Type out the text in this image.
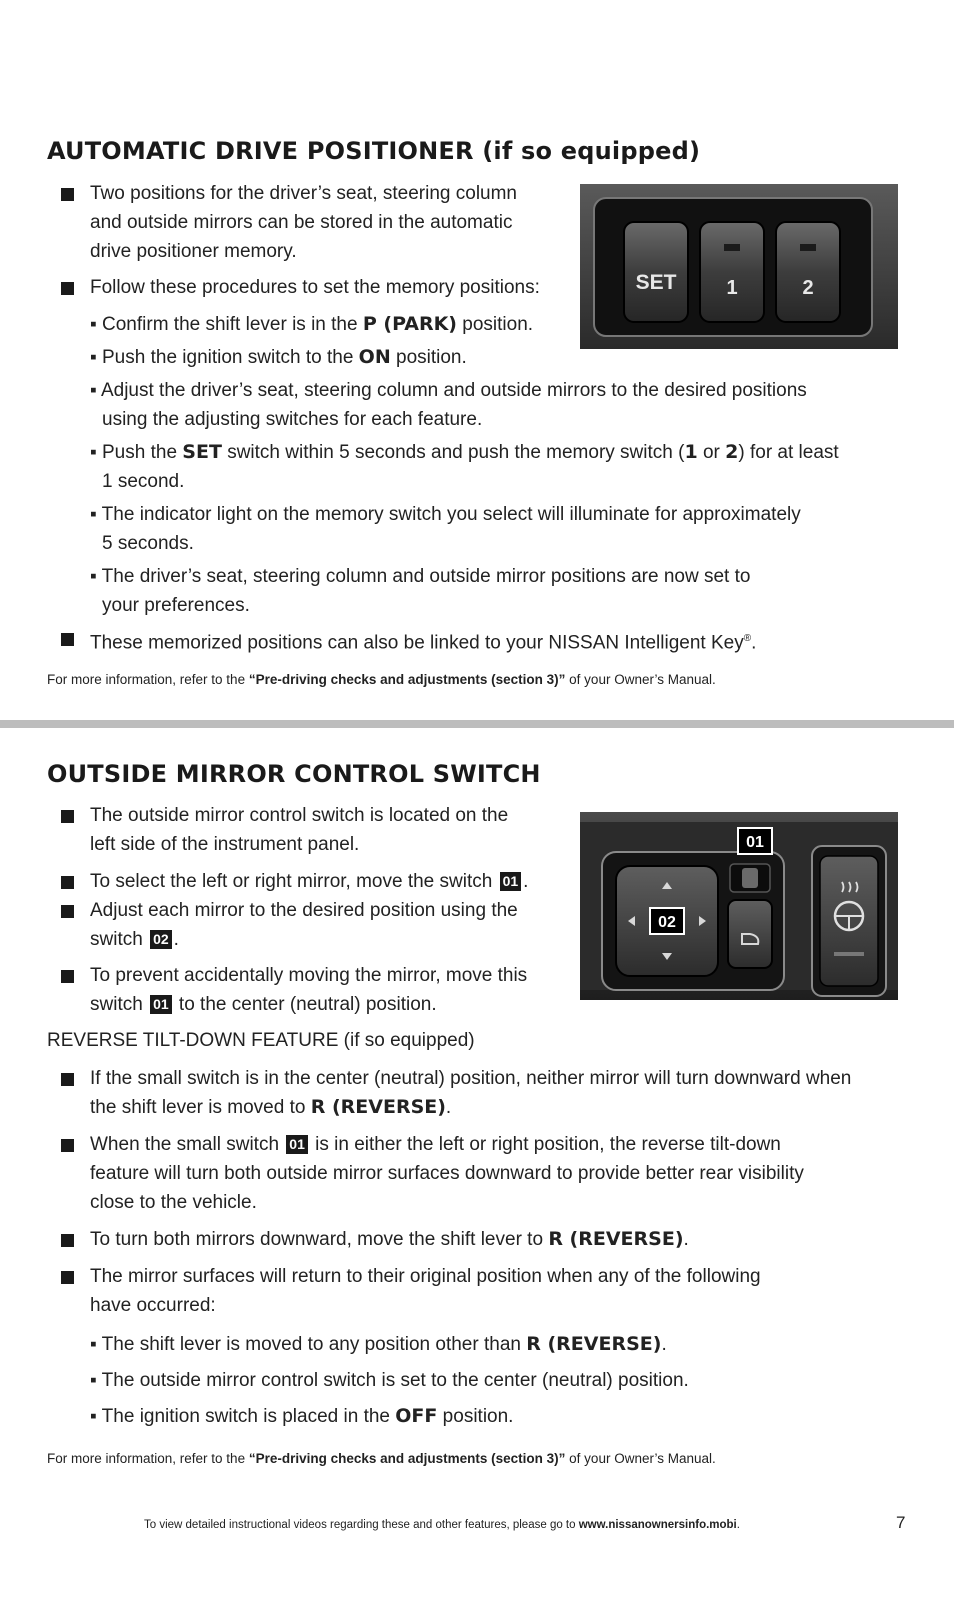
AUTOMATIC DRIVE POSITIONER (if so equipped)
Two positions for the driver’s seat, steering column
and outside mirrors can be stored in the automatic
drive positioner memory.
Follow these procedures to set the memory positions:
▪ Confirm the shift lever is in the P (PARK) position.
▪ Push the ignition switch to the ON position.
▪ Adjust the driver’s seat, steering column and outside mirrors to the desired positions
using the adjusting switches for each feature.
▪ Push the SET switch within 5 seconds and push the memory switch (1 or 2) for at least
1 second.
▪ The indicator light on the memory switch you select will illuminate for approximately
5 seconds.
▪ The driver’s seat, steering column and outside mirror positions are now set to
your preferences.
These memorized positions can also be linked to your NISSAN Intelligent Key®.
For more information, refer to the “Pre-driving checks and adjustments (section 3)” of your Owner’s Manual.
SET	1	2
OUTSIDE MIRROR CONTROL SWITCH
The outside mirror control switch is located on the
left side of the instrument panel.
To select the left or right mirror, move the switch 01 .
Adjust each mirror to the desired position using the
switch 02 .
To prevent accidentally moving the mirror, move this
switch 01 to the center (neutral) position.
REVERSE TILT-DOWN FEATURE (if so equipped)
If the small switch is in the center (neutral) position, neither mirror will turn downward when
the shift lever is moved to R (REVERSE).
When the small switch 01 is in either the left or right position, the reverse tilt-down
feature will turn both outside mirror surfaces downward to provide better rear visibility
close to the vehicle.
To turn both mirrors downward, move the shift lever to R (REVERSE).
The mirror surfaces will return to their original position when any of the following
have occurred:
▪ The shift lever is moved to any position other than R (REVERSE).
▪ The outside mirror control switch is set to the center (neutral) position.
▪ The ignition switch is placed in the OFF position.
For more information, refer to the “Pre-driving checks and adjustments (section 3)” of your Owner’s Manual.
01
02
To view detailed instructional videos regarding these and other features, please go to www.nissanownersinfo.mobi.	7
